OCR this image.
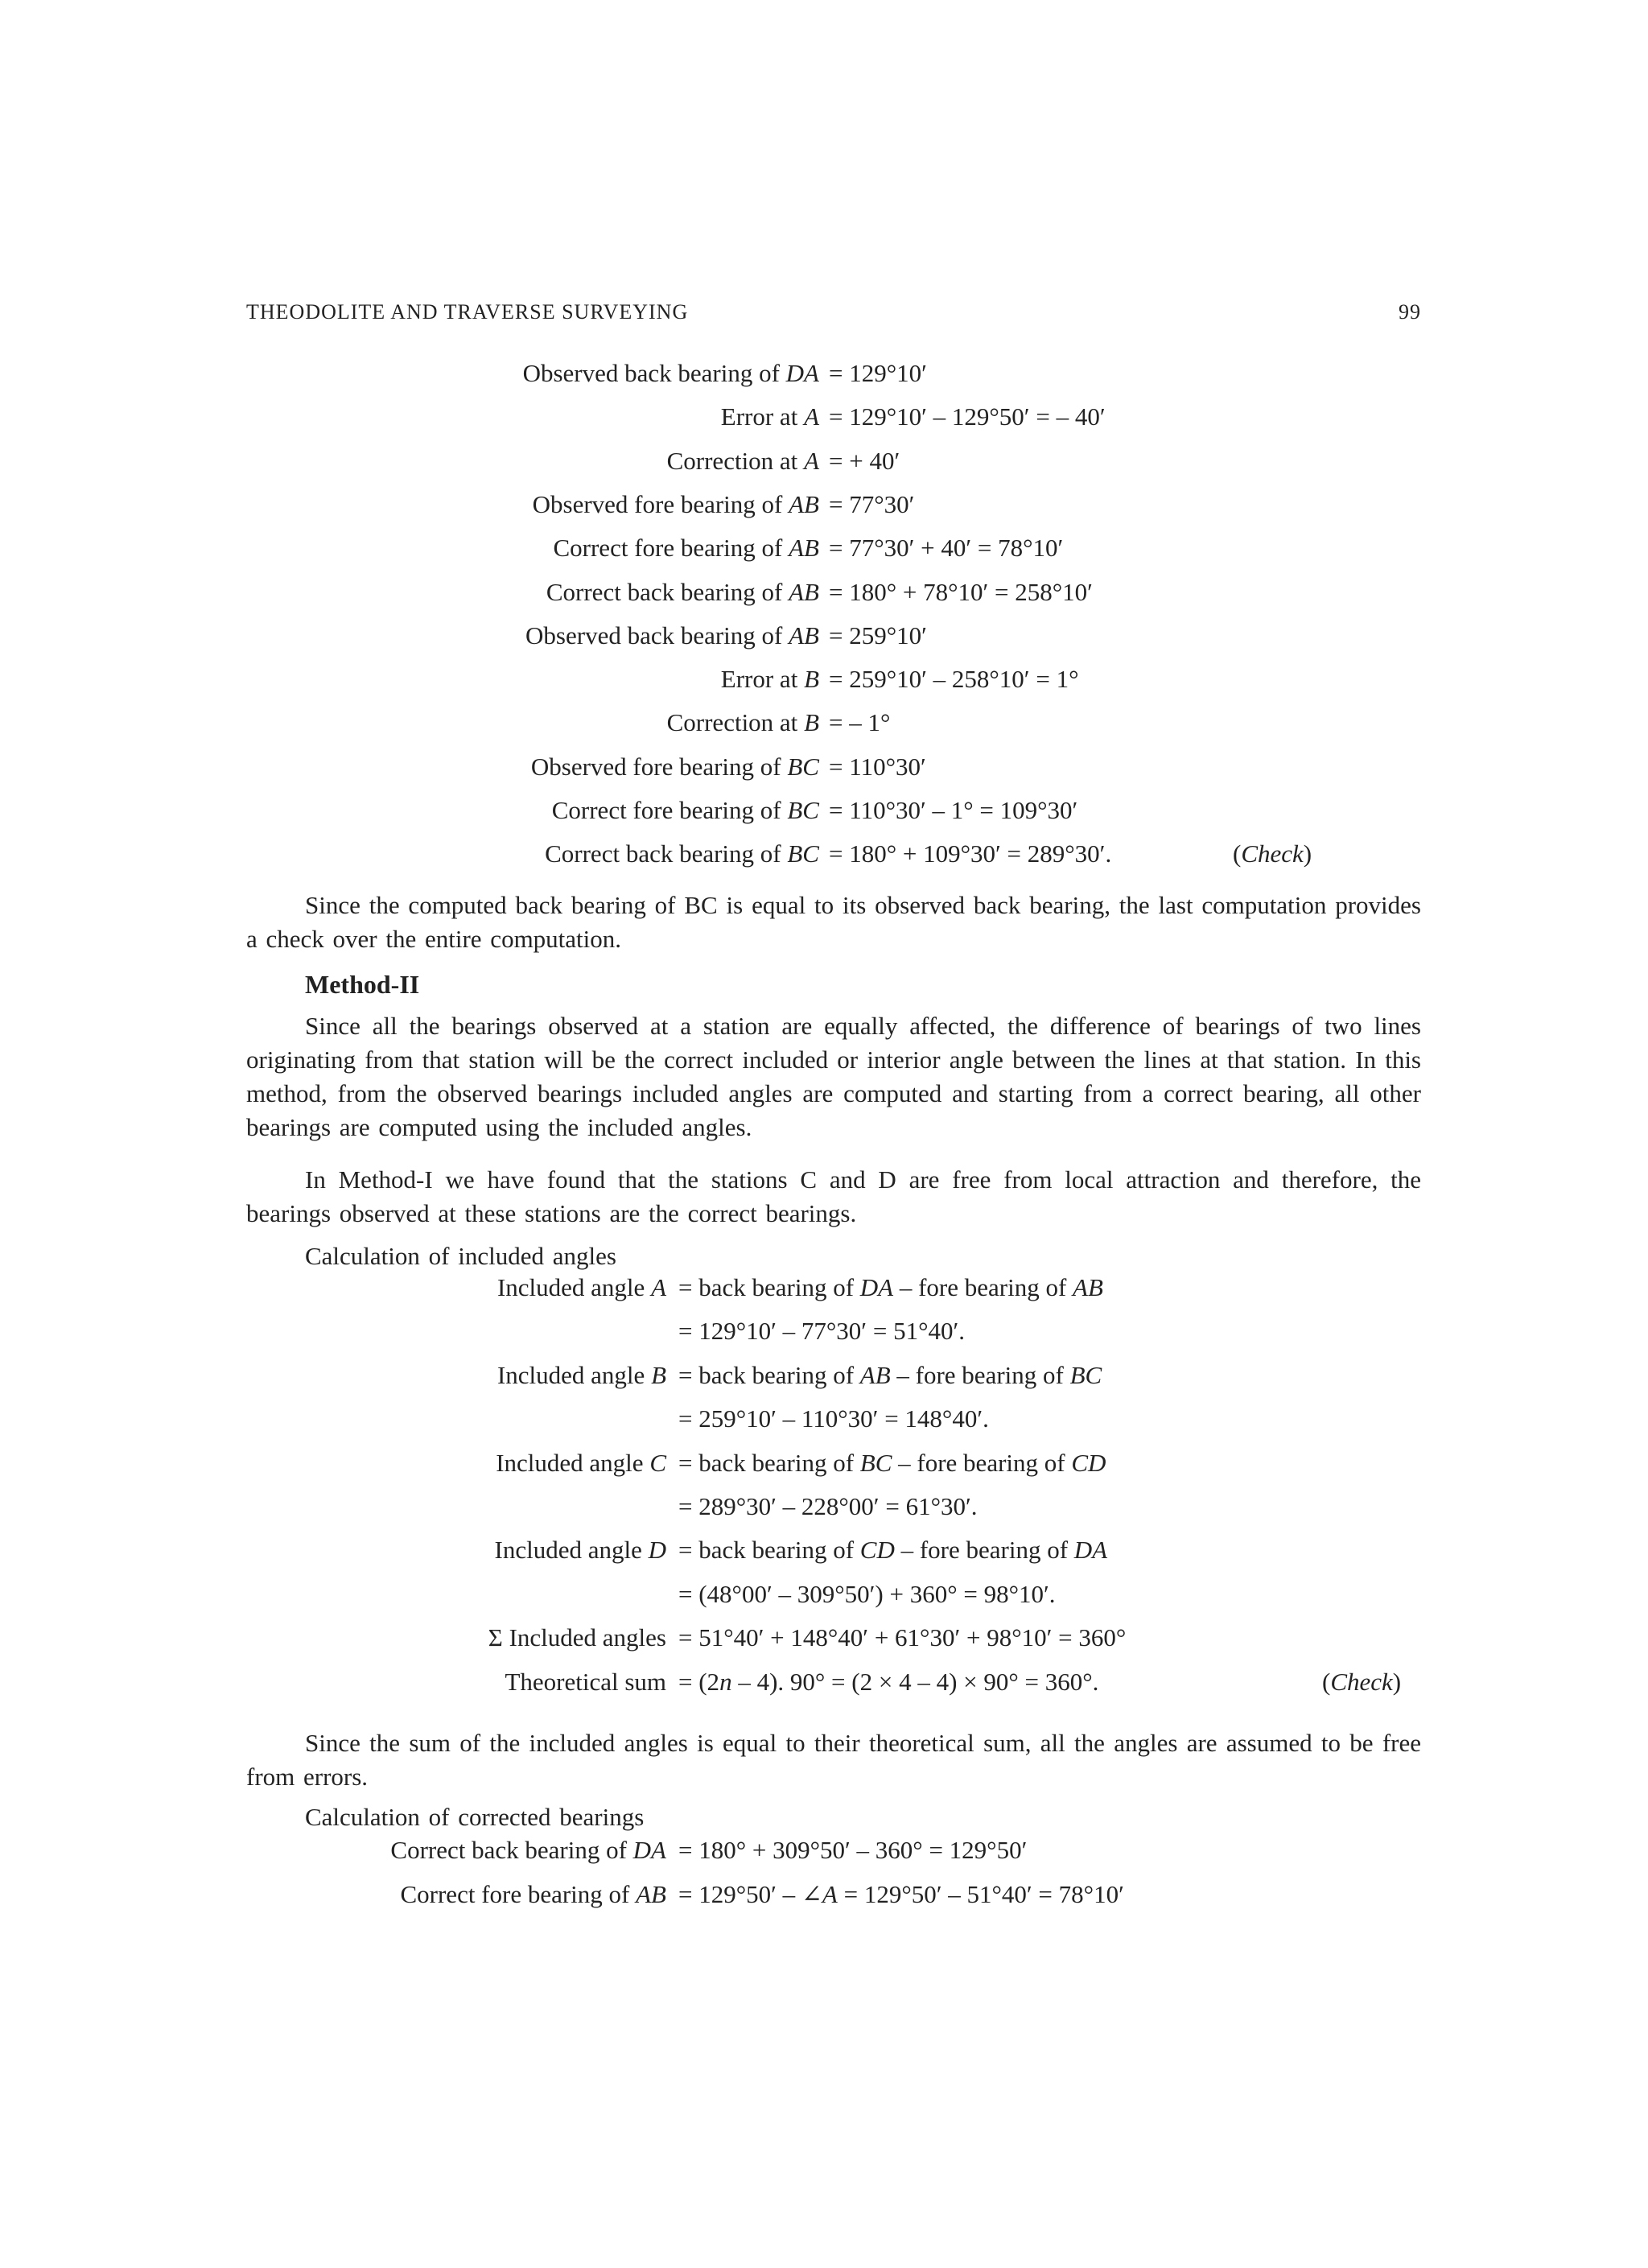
THEODOLITE AND TRAVERSE SURVEYING	99
Observed back bearing of DA = 129°10′
Error at A = 129°10′ – 129°50′ = – 40′
Correction at A = + 40′
Observed fore bearing of AB = 77°30′
Correct fore bearing of AB = 77°30′ + 40′ = 78°10′
Correct back bearing of AB = 180° + 78°10′ = 258°10′
Observed back bearing of AB = 259°10′
Error at B = 259°10′ – 258°10′ = 1°
Correction at B = – 1°
Observed fore bearing of BC = 110°30′
Correct fore bearing of BC = 110°30′ – 1° = 109°30′
Correct back bearing of BC = 180° + 109°30′ = 289°30′.	(Check)

Since the computed back bearing of BC is equal to its observed back bearing, the last computation provides a check over the entire computation.

Method-II

Since all the bearings observed at a station are equally affected, the difference of bearings of two lines originating from that station will be the correct included or interior angle between the lines at that station. In this method, from the observed bearings included angles are computed and starting from a correct bearing, all other bearings are computed using the included angles.

In Method-I we have found that the stations C and D are free from local attraction and therefore, the bearings observed at these stations are the correct bearings.

Calculation of included angles
Included angle A = back bearing of DA – fore bearing of AB
= 129°10′ – 77°30′ = 51°40′.
Included angle B = back bearing of AB – fore bearing of BC
= 259°10′ – 110°30′ = 148°40′.
Included angle C = back bearing of BC – fore bearing of CD
= 289°30′ – 228°00′ = 61°30′.
Included angle D = back bearing of CD – fore bearing of DA
= (48°00′ – 309°50′) + 360° = 98°10′.
Σ Included angles = 51°40′ + 148°40′ + 61°30′ + 98°10′ = 360°
Theoretical sum = (2n – 4). 90° = (2 × 4 – 4) × 90° = 360°.	(Check)

Since the sum of the included angles is equal to their theoretical sum, all the angles are assumed to be free from errors.

Calculation of corrected bearings
Correct back bearing of DA = 180° + 309°50′ – 360° = 129°50′
Correct fore bearing of AB = 129°50′ – ∠A = 129°50′ – 51°40′ = 78°10′
